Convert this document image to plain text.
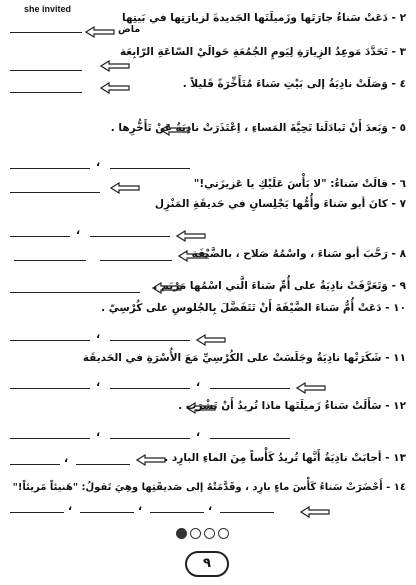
٢ - دَعَتْ سَناءُ جارَتَها وزَميلَتَها الجَديدةَ لزيارَتِها في بَيتِها
she invited
ماض
٣ - تَحَدَّدَ مَوعِدُ الزِيارَةِ لِيَومِ الجُمُعَةِ حَوالَيْ السّاعَةِ الرّابِعَة
٤ - وَصَلَتْ نادِيَةُ إلى بَيْتِ سَناءَ مُتَأَخِّرَةً قَليلاً .
٥ - وَبَعدَ أَنْ تَبادَلَتا تَحِيَّةَ المَساءِ ، اِعْتَذَرَتْ نادِيَةُ عَنْ تَأَخُّرِها .
،
٦ - قالَتْ سَناءُ: "لا بَأْسَ عَلَيْكِ يا عَزيزَتي!"
٧ - كانَ أبو سَناءَ وأُمُّها يَجْلِسانِ في حَديقَةِ المَنْزِل
،
٨ - رَحَّبَ أبو سَناءَ ، واسْمُهُ صَلاح ، بالضَّيْفَة
٩ - وَتَعَرَّفَتْ نادِيَةُ على أُمِّ سَناءَ الَّتي اسْمُها مَرْيَم .
١٠ - دَعَتْ أُمُّ سَناءَ الضَّيْفَةَ أَنْ تَتَفَضَّلَ بِالجُلوسِ على كُرْسِيّ .
،
١١ - شَكَرَتْها نادِيَةُ وجَلَسَتْ على الكُرْسِيِّ مَعَ الأُسْرَةِ في الحَديقَة
،	،
١٢ - سَأَلَتْ سَناءُ زَميلَتَها ماذا تُريدُ أَنْ تَشْرَب .
،	،
١٣ - أجابَتْ نادِيَةُ أَنَّها تُريدُ كَأْساً مِنَ الماءِ البارِد .
،
١٤ - أَحْضَرَتْ سَناءُ كَأْسَ ماءٍ بارِد ، وقَدَّمَتْهُ إلى صَديقَتِها وهِيَ تَقولُ: "هَنيئاً مَريئاً!"
،	،	،
٩
